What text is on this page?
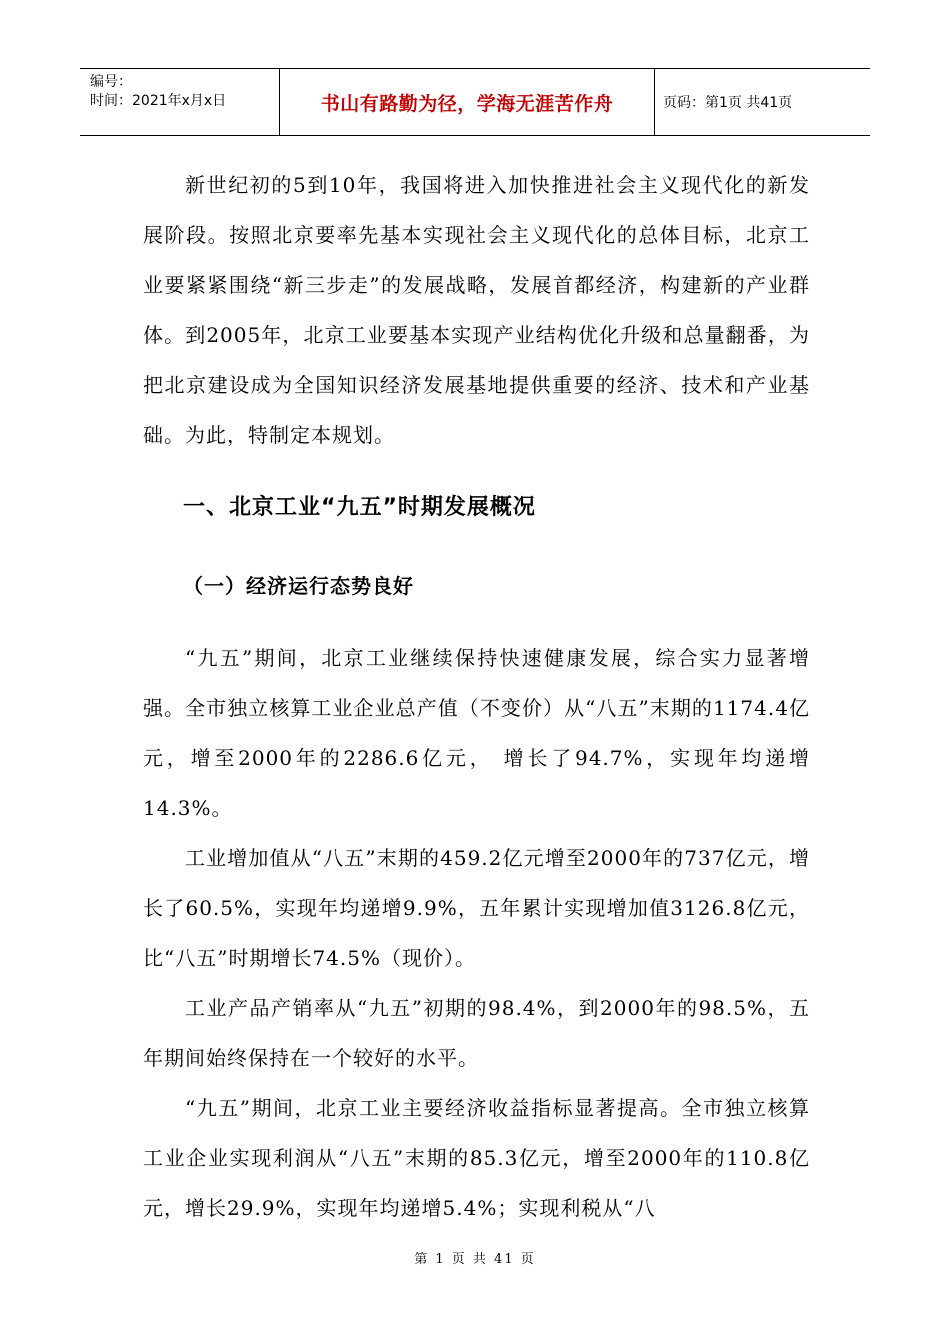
编号：
时间：2021年x月x日	书山有路勤为径，学海无涯苦作舟	页码：第1页 共41页

新世纪初的5到10年，我国将进入加快推进社会主义现代化的新发展阶段。按照北京要率先基本实现社会主义现代化的总体目标，北京工业要紧紧围绕“新三步走”的发展战略，发展首都经济，构建新的产业群体。到2005年，北京工业要基本实现产业结构优化升级和总量翻番，为把北京建设成为全国知识经济发展基地提供重要的经济、技术和产业基础。为此，特制定本规划。

一、北京工业“九五”时期发展概况
（一）经济运行态势良好

“九五”期间，北京工业继续保持快速健康发展，综合实力显著增强。全市独立核算工业企业总产值（不变价）从“八五”末期的1174.4亿元，增至2000年的2286.6亿元， 增长了94.7%，实现年均递增　　14.3%。

工业增加值从“八五”末期的459.2亿元增至2000年的737亿元，增长了60.5%，实现年均递增9.9%，五年累计实现增加值3126.8亿元，比“八五”时期增长74.5%（现价）。

工业产品产销率从“九五”初期的98.4%，到2000年的98.5%，五年期间始终保持在一个较好的水平。

“九五”期间，北京工业主要经济收益指标显著提高。全市独立核算工业企业实现利润从“八五”末期的85.3亿元，增至2000年的110.8亿元，增长29.9%，实现年均递增5.4%；实现利税从“八

第 1 页 共 41 页
